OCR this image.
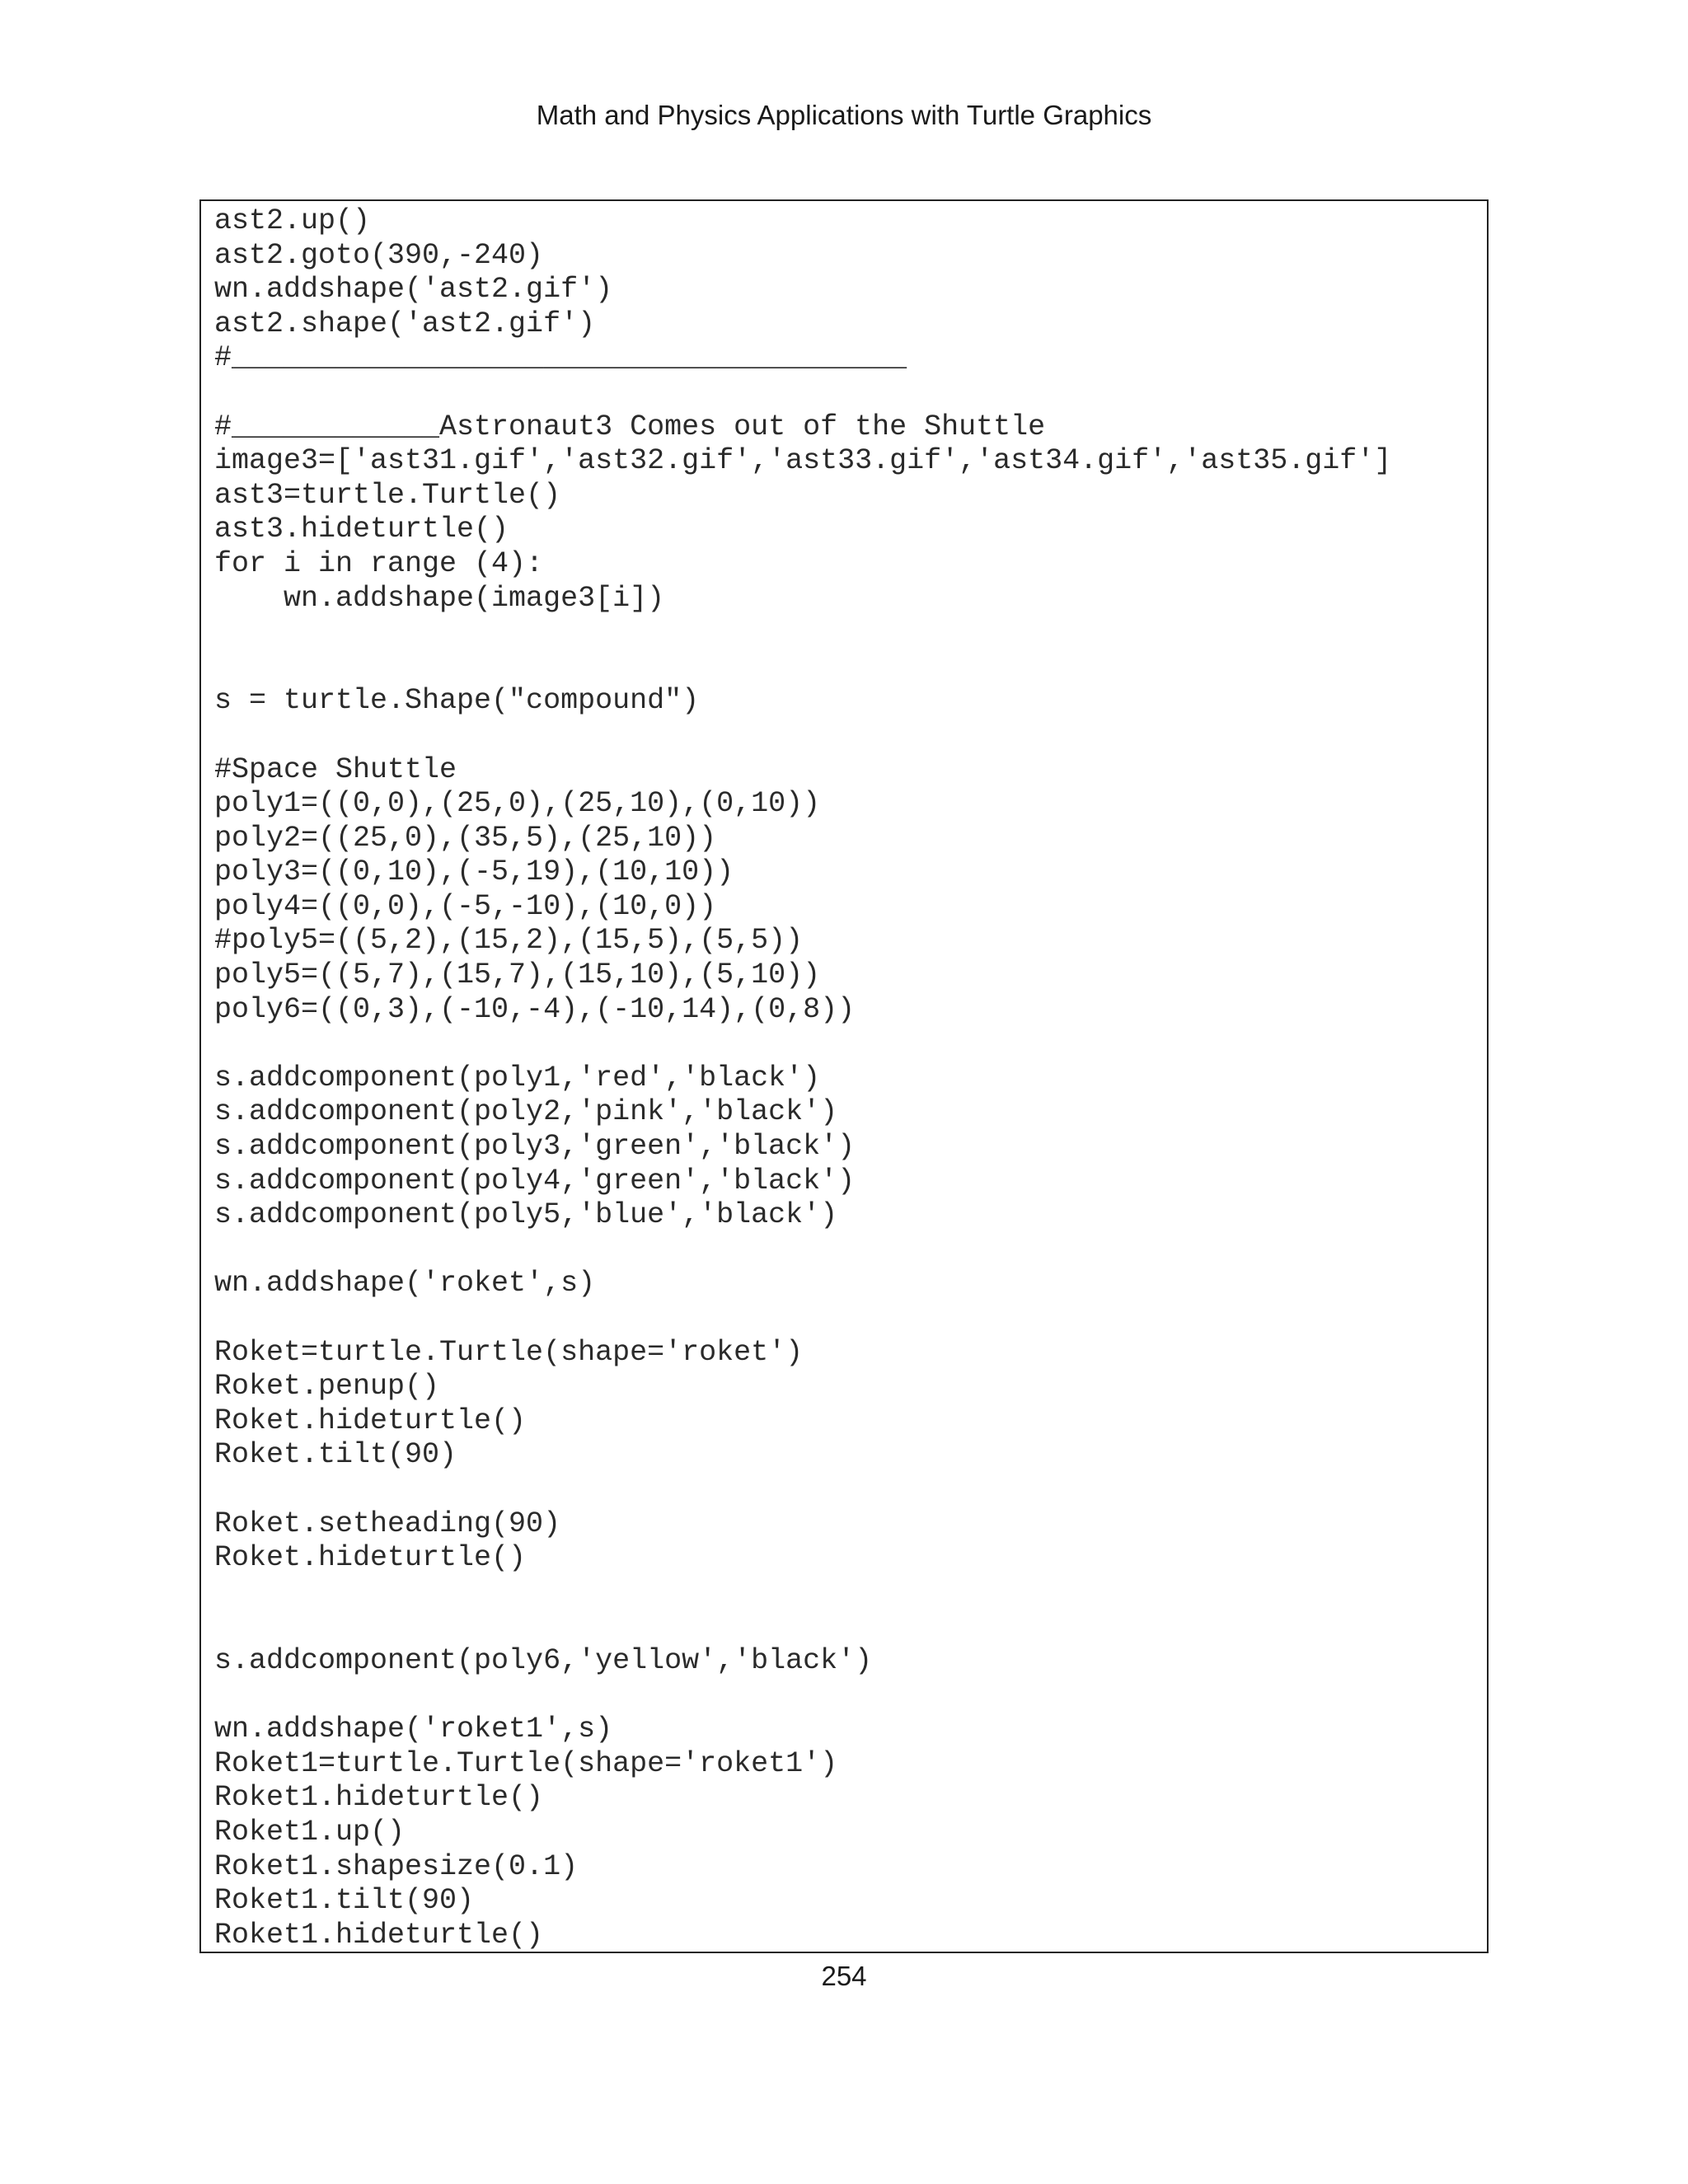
Math and Physics Applications with Turtle Graphics
ast2.up()
ast2.goto(390,-240)
wn.addshape('ast2.gif')
ast2.shape('ast2.gif')
#_______________________________________
#____________Astronaut3 Comes out of the Shuttle
image3=['ast31.gif','ast32.gif','ast33.gif','ast34.gif','ast35.gif']
ast3=turtle.Turtle()
ast3.hideturtle()
for i in range (4):
wn.addshape(image3[i])
s = turtle.Shape("compound")
#Space Shuttle
poly1=((0,0),(25,0),(25,10),(0,10))
poly2=((25,0),(35,5),(25,10))
poly3=((0,10),(-5,19),(10,10))
poly4=((0,0),(-5,-10),(10,0))
#poly5=((5,2),(15,2),(15,5),(5,5))
poly5=((5,7),(15,7),(15,10),(5,10))
poly6=((0,3),(-10,-4),(-10,14),(0,8))
s.addcomponent(poly1,'red','black')
s.addcomponent(poly2,'pink','black')
s.addcomponent(poly3,'green','black')
s.addcomponent(poly4,'green','black')
s.addcomponent(poly5,'blue','black')
wn.addshape('roket',s)
Roket=turtle.Turtle(shape='roket')
Roket.penup()
Roket.hideturtle()
Roket.tilt(90)
Roket.setheading(90)
Roket.hideturtle()
s.addcomponent(poly6,'yellow','black')
wn.addshape('roket1',s)
Roket1=turtle.Turtle(shape='roket1')
Roket1.hideturtle()
Roket1.up()
Roket1.shapesize(0.1)
Roket1.tilt(90)
Roket1.hideturtle()
254
